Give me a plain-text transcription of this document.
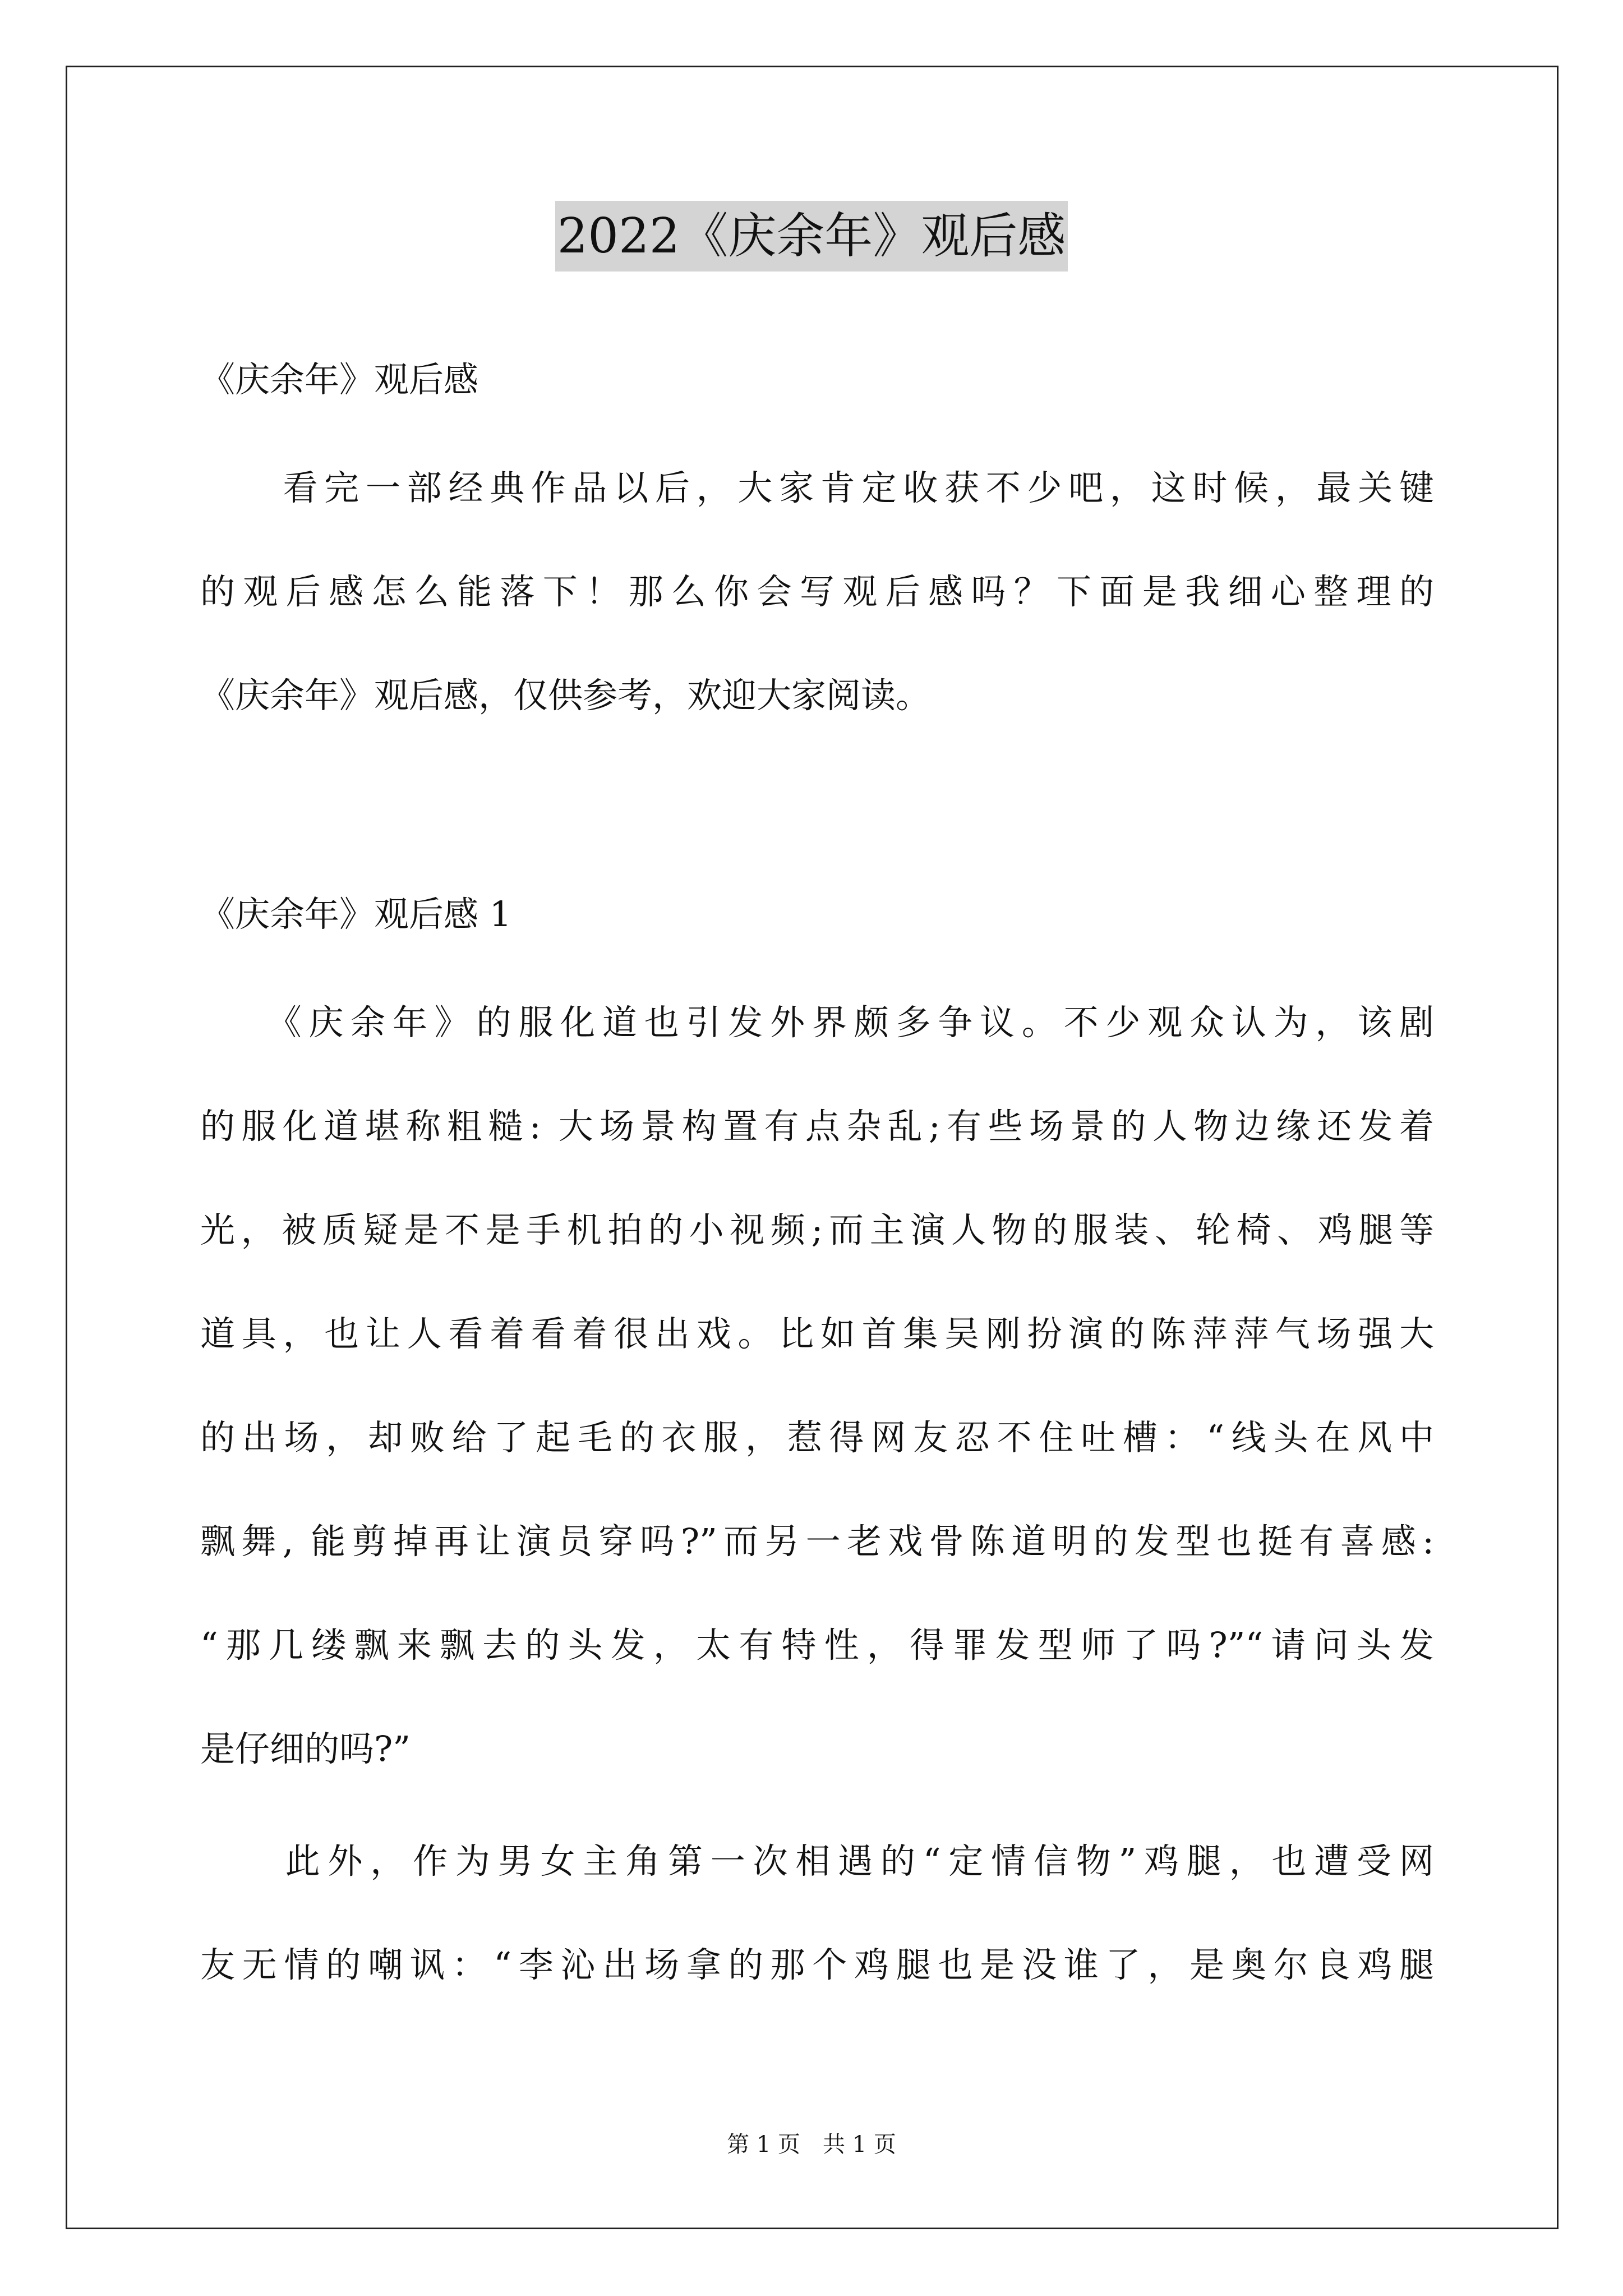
2022《庆余年》观后感
《庆余年》观后感
　　看完一部经典作品以后，大家肯定收获不少吧，这时候，最关键
的观后感怎么能落下！那么你会写观后感吗？下面是我细心整理的
《庆余年》观后感，仅供参考，欢迎大家阅读。
《庆余年》观后感 1
　　《庆余年》的服化道也引发外界颇多争议。不少观众认为，该剧
的服化道堪称粗糙: 大场景构置有点杂乱;有些场景的人物边缘还发着
光，被质疑是不是手机拍的小视频;而主演人物的服装、轮椅、鸡腿等
道具，也让人看着看着很出戏。比如首集吴刚扮演的陈萍萍气场强大
的出场，却败给了起毛的衣服，惹得网友忍不住吐槽：“线头在风中
飘舞, 能剪掉再让演员穿吗?”而另一老戏骨陈道明的发型也挺有喜感:
“那几缕飘来飘去的头发，太有特性，得罪发型师了吗?”“请问头发
是仔细的吗?”
　　此外，作为男女主角第一次相遇的“定情信物”鸡腿，也遭受网
友无情的嘲讽：“李沁出场拿的那个鸡腿也是没谁了，是奥尔良鸡腿
第 1 页　共 1 页
